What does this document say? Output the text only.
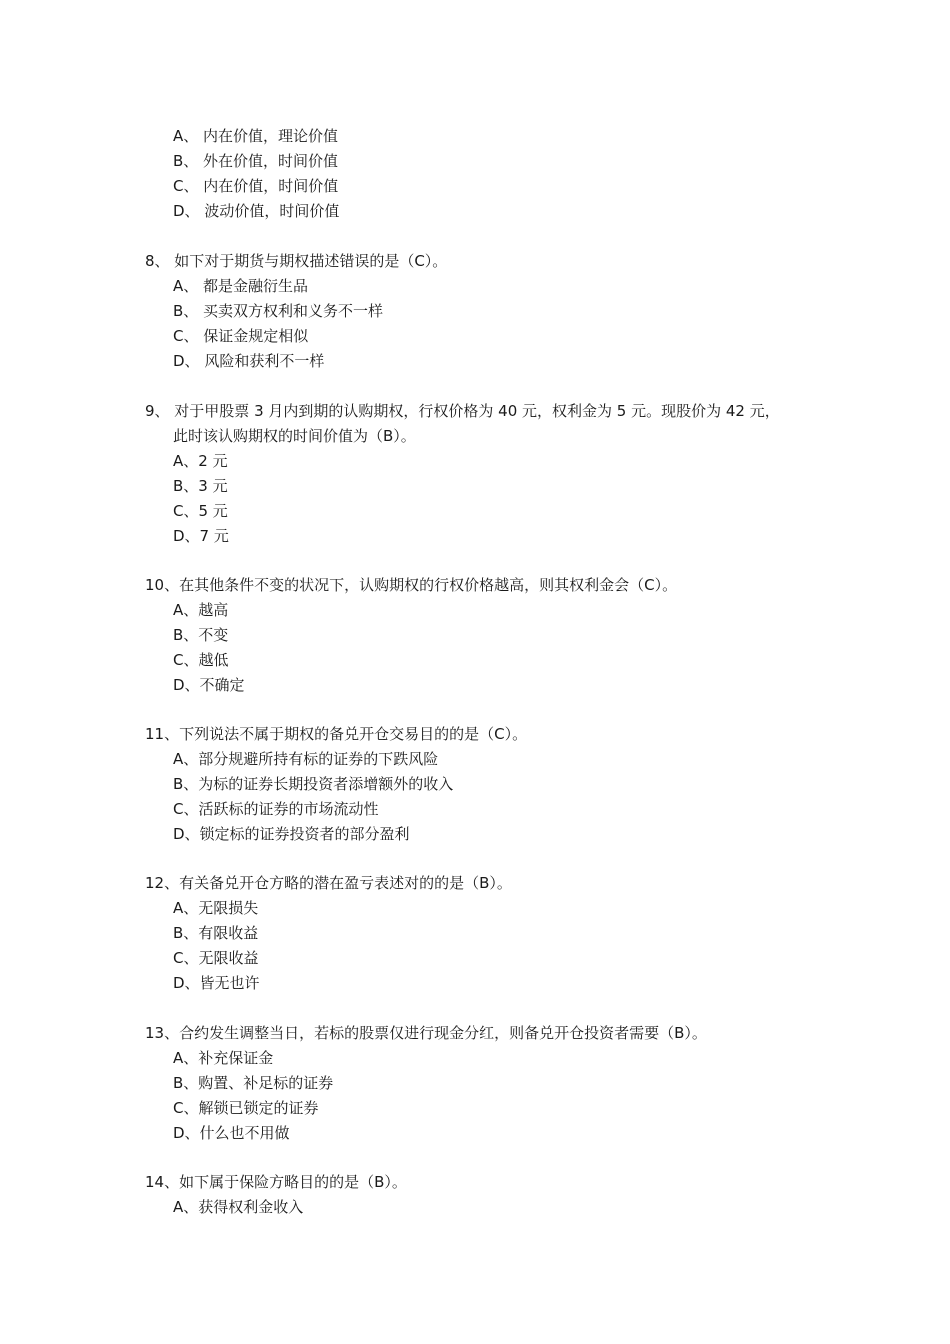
A、 内在价值，理论价值
B、 外在价值，时间价值
C、 内在价值，时间价值
D、 波动价值，时间价值
8、 如下对于期货与期权描述错误的是（C）。
A、 都是金融衍生品
B、 买卖双方权利和义务不一样
C、 保证金规定相似
D、 风险和获利不一样
9、 对于甲股票 3 月内到期的认购期权，行权价格为 40 元，权利金为 5 元。现股价为 42 元，
此时该认购期权的时间价值为（B）。
A、2 元
B、3 元
C、5 元
D、7 元
10、在其他条件不变的状况下，认购期权的行权价格越高，则其权利金会（C）。
A、越高
B、不变
C、越低
D、不确定
11、下列说法不属于期权的备兑开仓交易目的的是（C）。
A、部分规避所持有标的证券的下跌风险
B、为标的证券长期投资者添增额外的收入
C、活跃标的证券的市场流动性
D、锁定标的证券投资者的部分盈利
12、有关备兑开仓方略的潜在盈亏表述对的的是（B）。
A、无限损失
B、有限收益
C、无限收益
D、皆无也许
13、合约发生调整当日，若标的股票仅进行现金分红，则备兑开仓投资者需要（B）。
A、补充保证金
B、购置、补足标的证券
C、解锁已锁定的证券
D、什么也不用做
14、如下属于保险方略目的的是（B）。
A、获得权利金收入
